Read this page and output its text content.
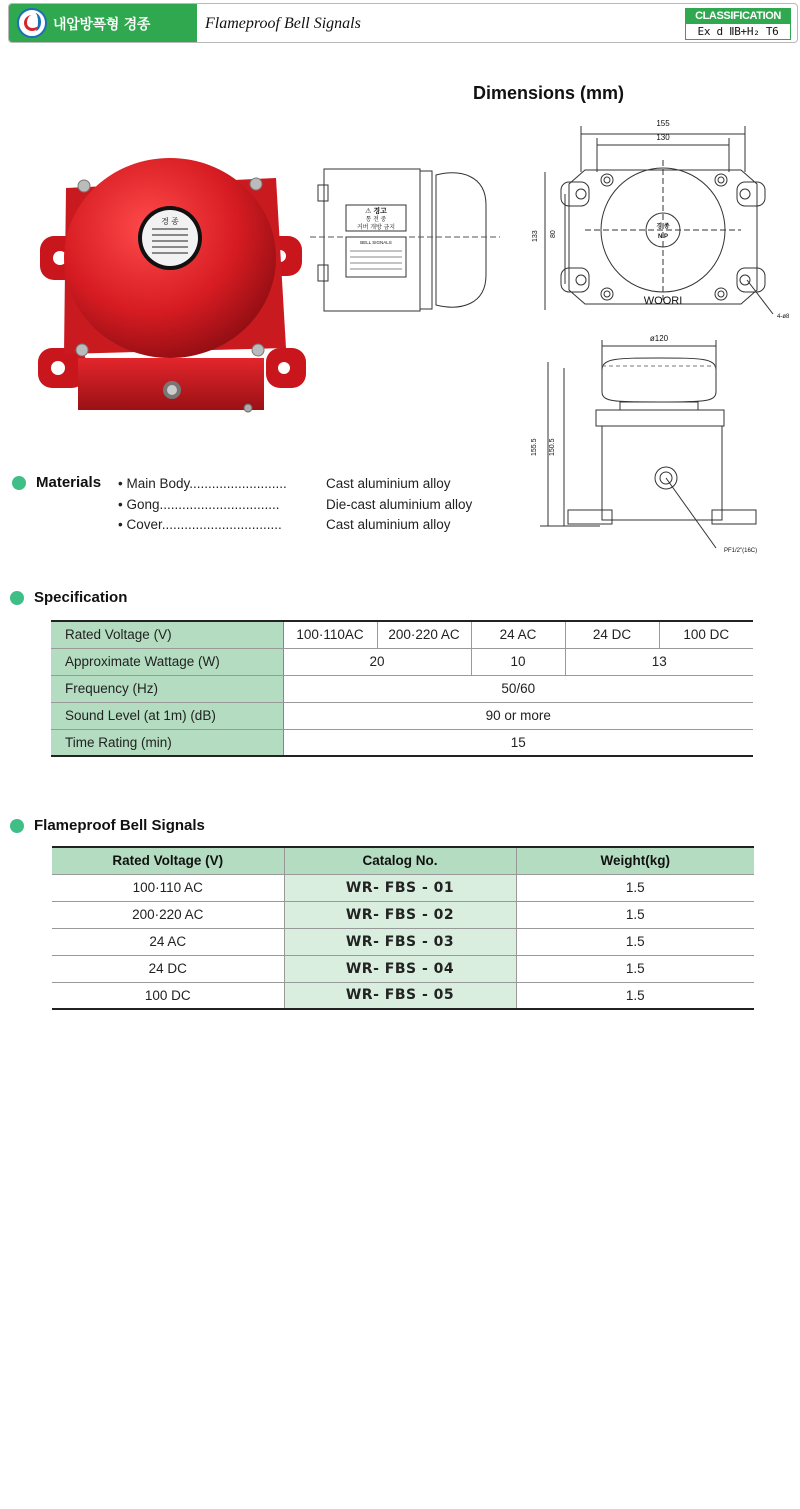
내압방폭형 경종	Flameproof Bell Signals	CLASSIFICATION
Ex d ⅡB+H₂ T6
Dimensions (mm)
경 종
⚠ 경고
통 전 중
커버 개방 금지
BELL SIGNALS
155
130
133 80
경 종
N.P
WOORI
4-ø8
ø120
155.5 150.5
PF1/2"(16C)
Materials • Main Body..........................	Cast aluminium alloy
• Gong................................	Die-cast aluminium alloy
• Cover................................	Cast aluminium alloy
Specification
Rated Voltage (V)	100·110AC	200·220 AC	24 AC	24 DC	100 DC
Approximate Wattage (W)	20		10	13	
Frequency (Hz)	50/60				
Sound Level (at 1m) (dB)	90 or more				
Time Rating (min)	15				
Flameproof Bell Signals
Rated Voltage (V)	Catalog No.	Weight(kg)
100·110 AC	WR- FBS - 01	1.5
200·220 AC	WR- FBS - 02	1.5
24 AC	WR- FBS - 03	1.5
24 DC	WR- FBS - 04	1.5
100 DC	WR- FBS - 05	1.5
